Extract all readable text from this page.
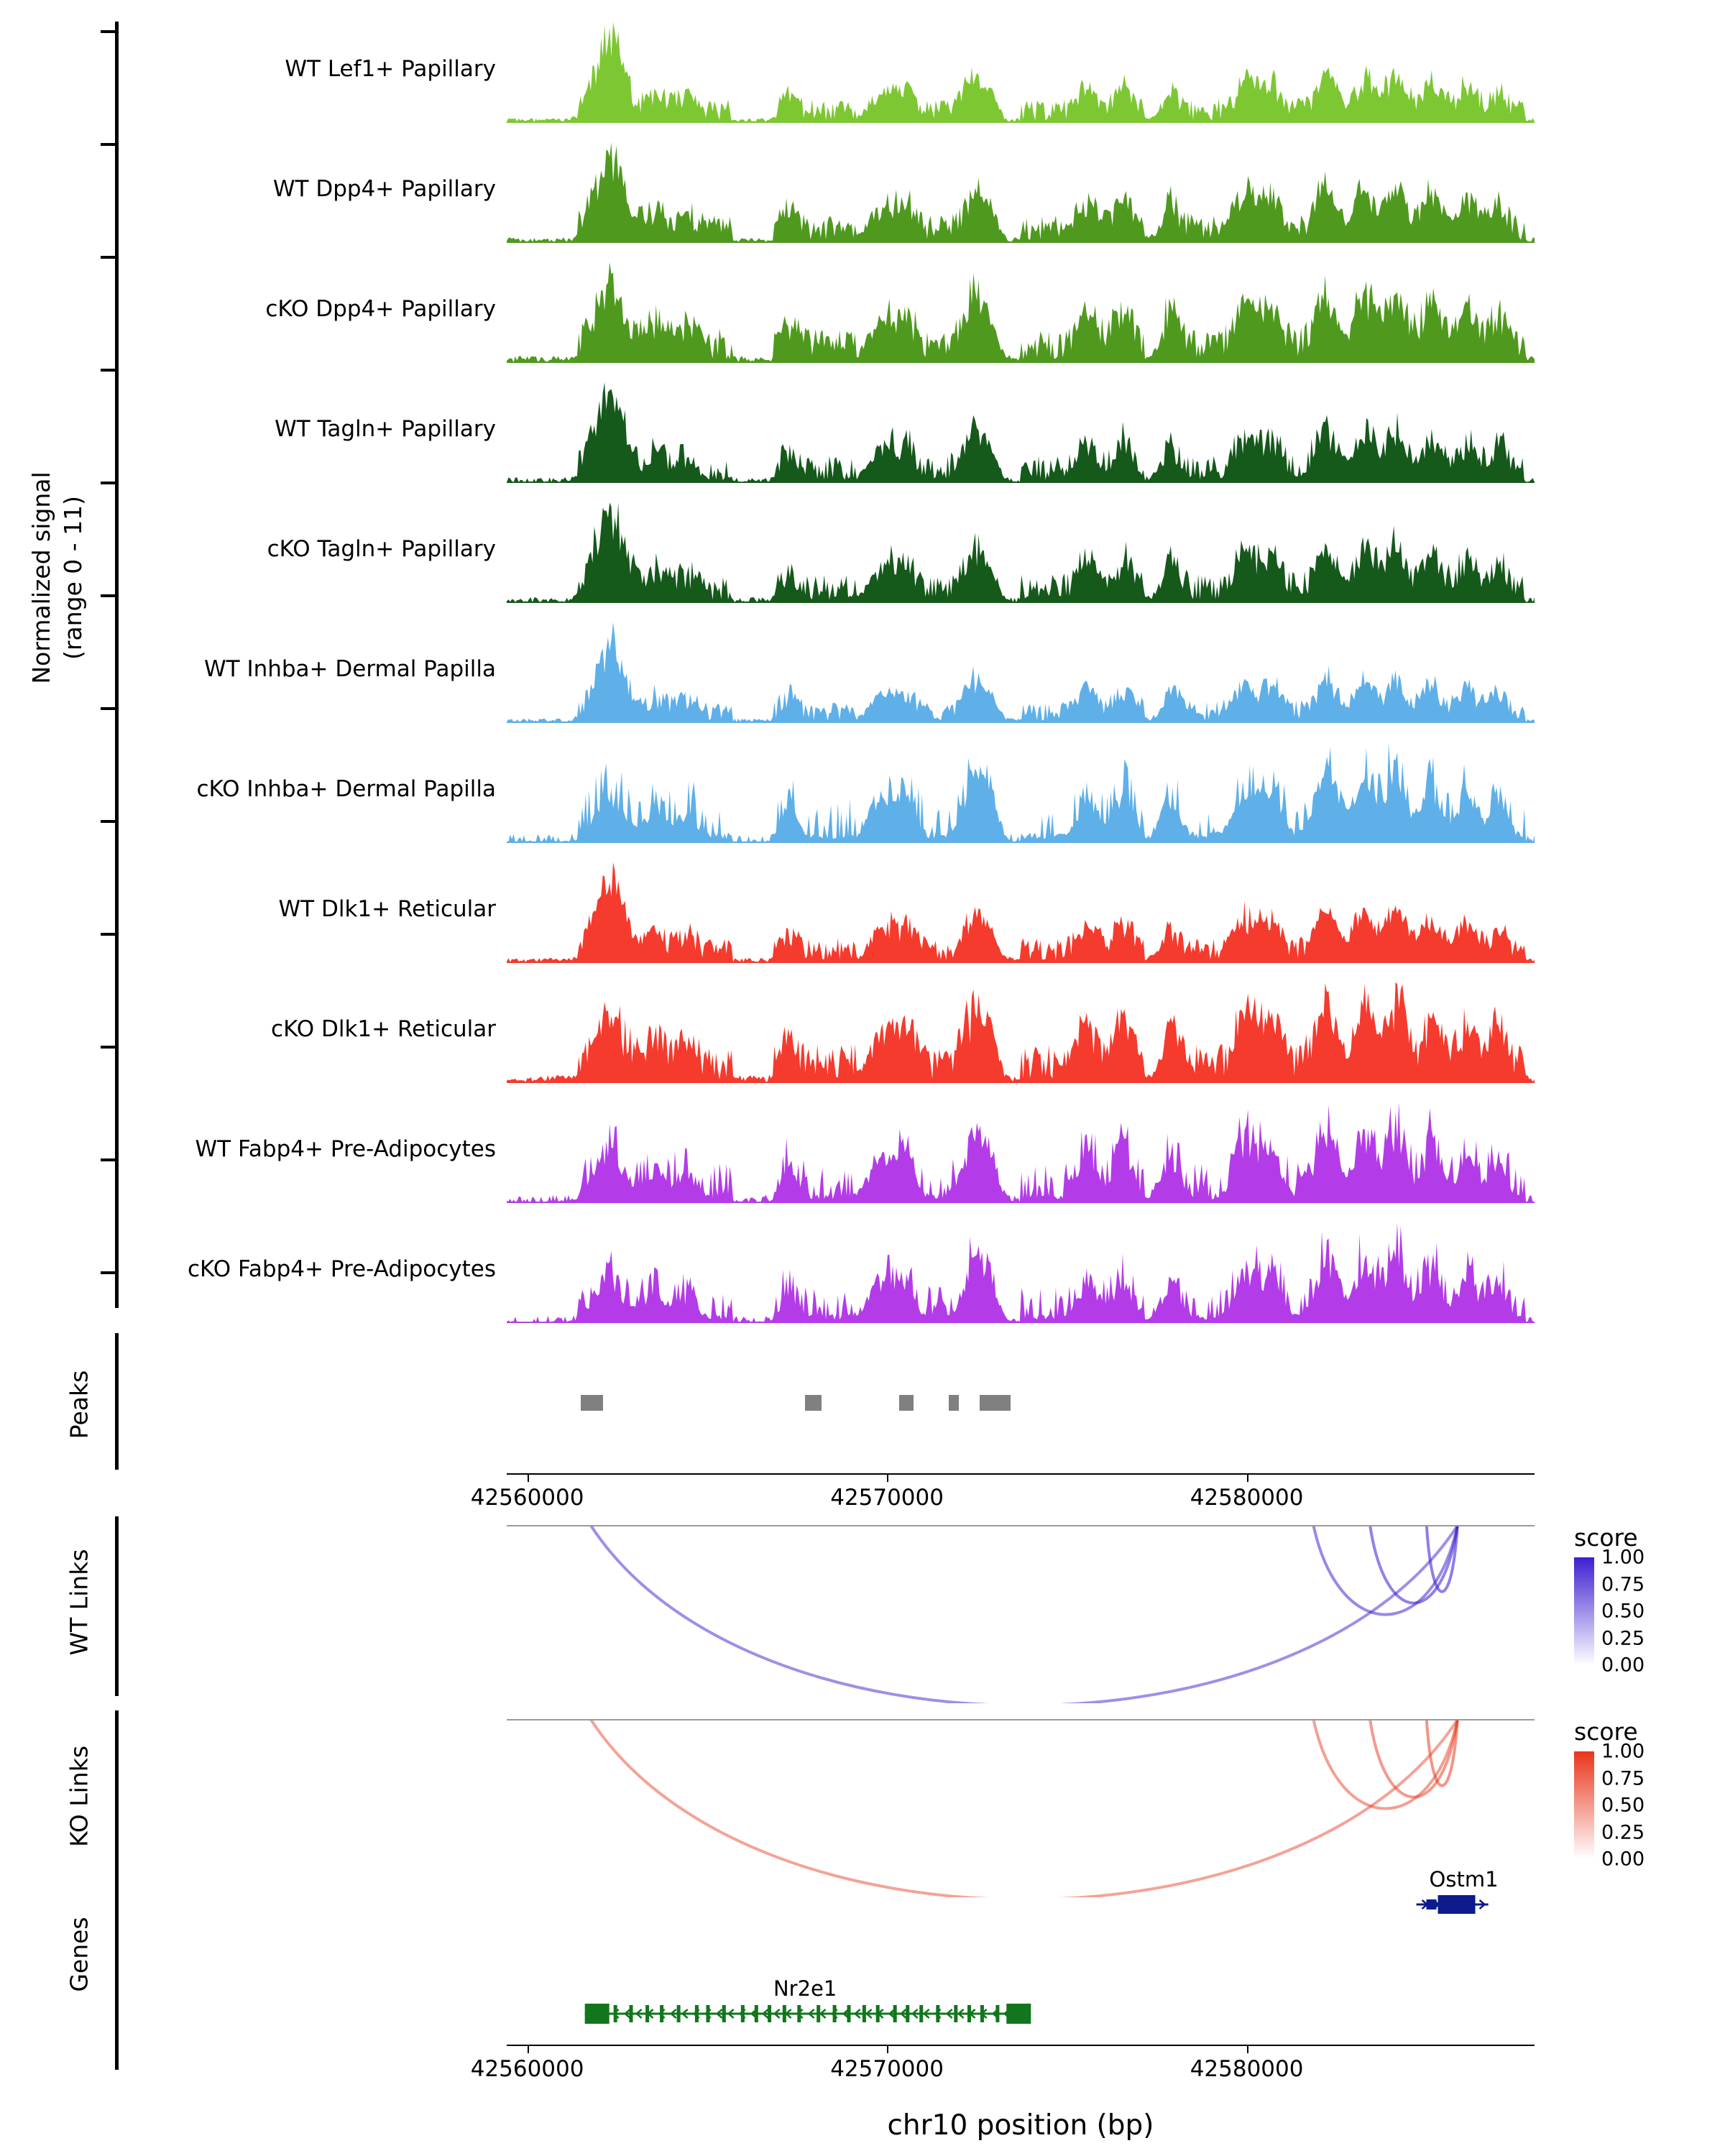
Normalized signal (range 0 - 11)
WT Lef1+ Papillary
WT Dpp4+ Papillary
cKO Dpp4+ Papillary
WT Tagln+ Papillary
cKO Tagln+ Papillary
WT Inhba+ Dermal Papilla
cKO Inhba+ Dermal Papilla
WT Dlk1+ Reticular
cKO Dlk1+ Reticular
WT Fabp4+ Pre-Adipocytes
cKO Fabp4+ Pre-Adipocytes
Peaks
42560000	42570000	42580000
WT Links
score
1.00
0.75
0.50
0.25
0.00
KO Links
score
1.00
0.75
0.50
0.25
0.00
Genes
Ostm1
Nr2e1
42560000	42570000	42580000
chr10 position (bp)
